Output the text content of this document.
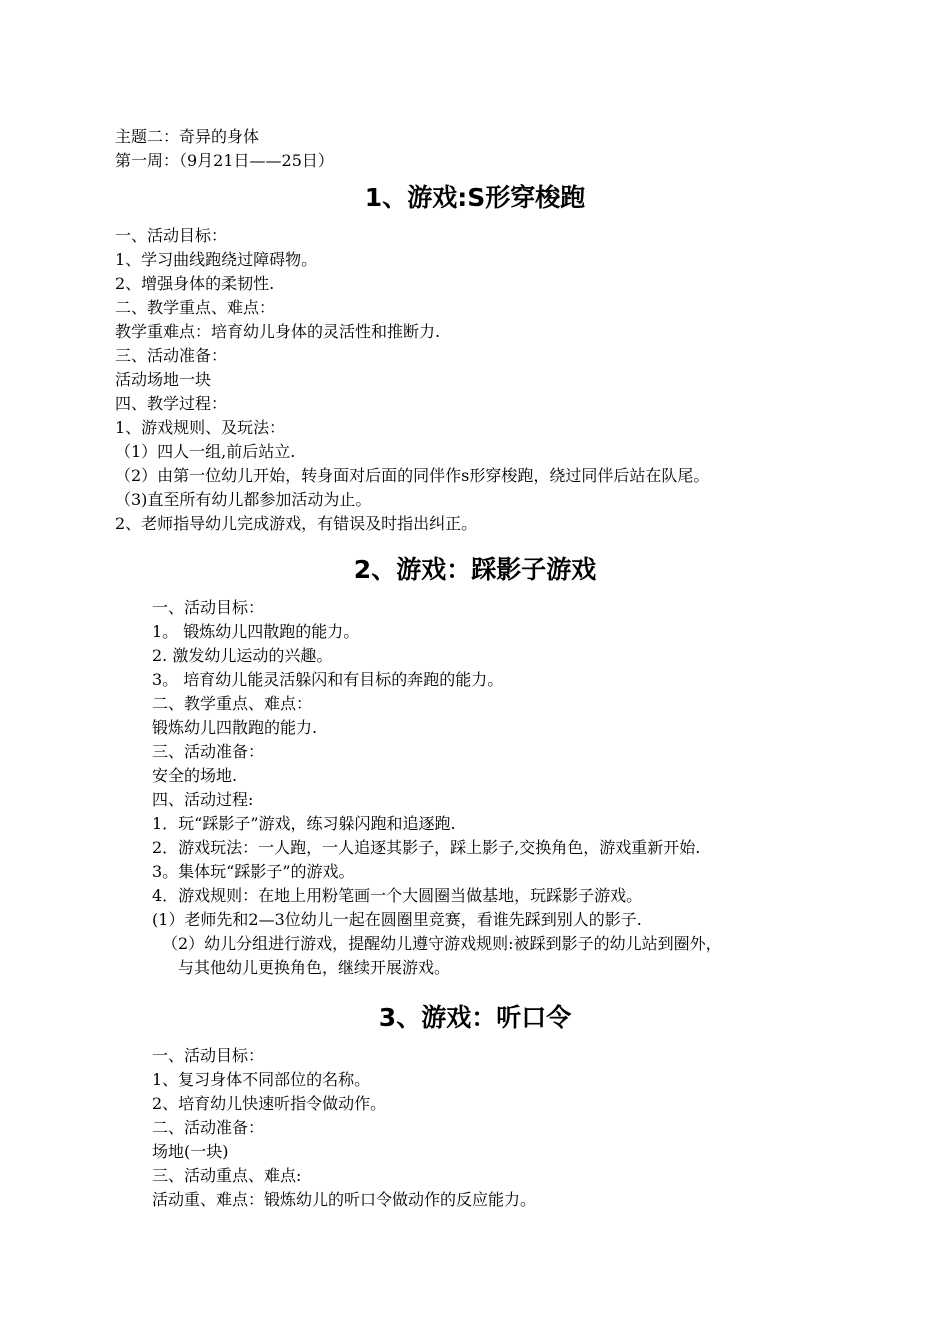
主题二：奇异的身体
第一周：（9月21日——25日）
1、游戏:S形穿梭跑
一、活动目标：
1、学习曲线跑绕过障碍物。
2、增强身体的柔韧性.
二、教学重点、难点：
教学重难点：培育幼儿身体的灵活性和推断力.
三、活动准备：
活动场地一块
四、教学过程：
1、游戏规则、及玩法：
（1）四人一组,前后站立.
（2）由第一位幼儿开始，转身面对后面的同伴作s形穿梭跑，绕过同伴后站在队尾。
（3)直至所有幼儿都参加活动为止。
2、老师指导幼儿完成游戏，有错误及时指出纠正。
2、游戏：踩影子游戏
一、活动目标：
1。 锻炼幼儿四散跑的能力。
2. 激发幼儿运动的兴趣。
3。 培育幼儿能灵活躲闪和有目标的奔跑的能力。
二、教学重点、难点：
锻炼幼儿四散跑的能力.
三、活动准备：
安全的场地.
四、活动过程:
1．玩“踩影子”游戏，练习躲闪跑和追逐跑.
2．游戏玩法：一人跑，一人追逐其影子，踩上影子,交换角色，游戏重新开始.
3。集体玩“踩影子”的游戏。
4．游戏规则：在地上用粉笔画一个大圆圈当做基地，玩踩影子游戏。
(1）老师先和2—3位幼儿一起在圆圈里竞赛，看谁先踩到别人的影子.
（2）幼儿分组进行游戏，提醒幼儿遵守游戏规则:被踩到影子的幼儿站到圈外，
与其他幼儿更换角色，继续开展游戏。
3、游戏：听口令
一、活动目标：
1、复习身体不同部位的名称。
2、培育幼儿快速听指令做动作。
二、活动准备：
场地(一块)
三、活动重点、难点:
活动重、难点：锻炼幼儿的听口令做动作的反应能力。
